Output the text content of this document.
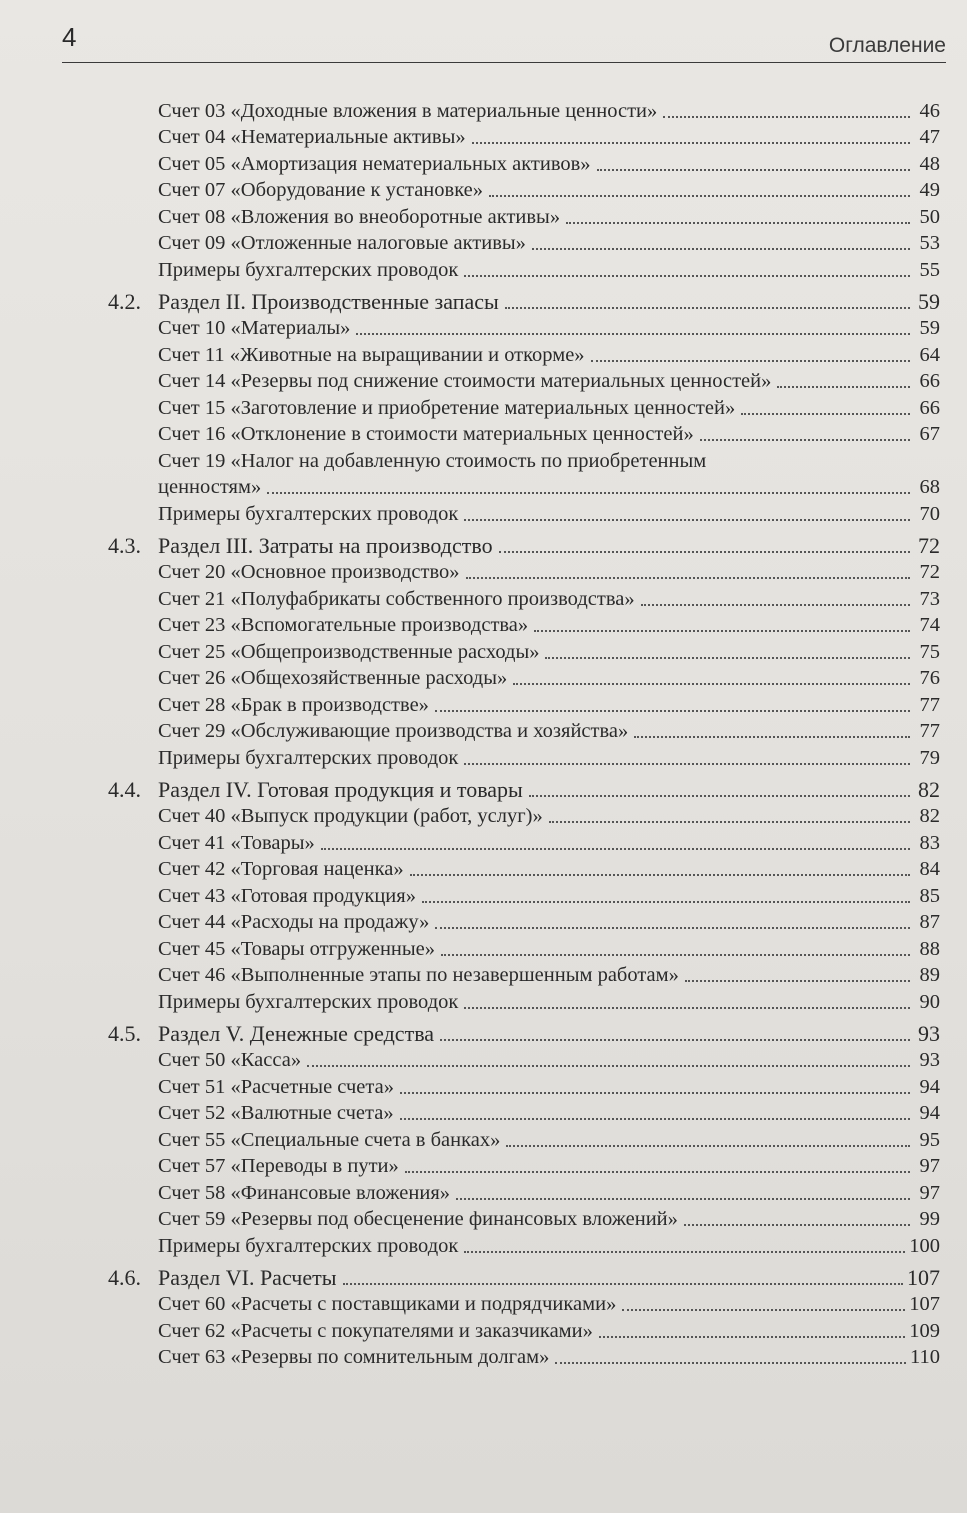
4	Оглавление
Счет 03 «Доходные вложения в материальные ценности»	46
Счет 04 «Нематериальные активы»	47
Счет 05 «Амортизация нематериальных активов»	48
Счет 07 «Оборудование к установке»	49
Счет 08 «Вложения во внеоборотные активы»	50
Счет 09 «Отложенные налоговые активы»	53
Примеры бухгалтерских проводок	55
4.2. Раздел II. Производственные запасы	59
Счет 10 «Материалы»	59
Счет 11 «Животные на выращивании и откорме»	64
Счет 14 «Резервы под снижение стоимости материальных ценностей»	66
Счет 15 «Заготовление и приобретение материальных ценностей»	66
Счет 16 «Отклонение в стоимости материальных ценностей»	67
Счет 19 «Налог на добавленную стоимость по приобретенным
ценностям»	68
Примеры бухгалтерских проводок	70
4.3. Раздел III. Затраты на производство	72
Счет 20 «Основное производство»	72
Счет 21 «Полуфабрикаты собственного производства»	73
Счет 23 «Вспомогательные производства»	74
Счет 25 «Общепроизводственные расходы»	75
Счет 26 «Общехозяйственные расходы»	76
Счет 28 «Брак в производстве»	77
Счет 29 «Обслуживающие производства и хозяйства»	77
Примеры бухгалтерских проводок	79
4.4. Раздел IV. Готовая продукция и товары	82
Счет 40 «Выпуск продукции (работ, услуг)»	82
Счет 41 «Товары»	83
Счет 42 «Торговая наценка»	84
Счет 43 «Готовая продукция»	85
Счет 44 «Расходы на продажу»	87
Счет 45 «Товары отгруженные»	88
Счет 46 «Выполненные этапы по незавершенным работам»	89
Примеры бухгалтерских проводок	90
4.5. Раздел V. Денежные средства	93
Счет 50 «Касса»	93
Счет 51 «Расчетные счета»	94
Счет 52 «Валютные счета»	94
Счет 55 «Специальные счета в банках»	95
Счет 57 «Переводы в пути»	97
Счет 58 «Финансовые вложения»	97
Счет 59 «Резервы под обесценение финансовых вложений»	99
Примеры бухгалтерских проводок	100
4.6. Раздел VI. Расчеты	107
Счет 60 «Расчеты с поставщиками и подрядчиками»	107
Счет 62 «Расчеты с покупателями и заказчиками»	109
Счет 63 «Резервы по сомнительным долгам»	110
